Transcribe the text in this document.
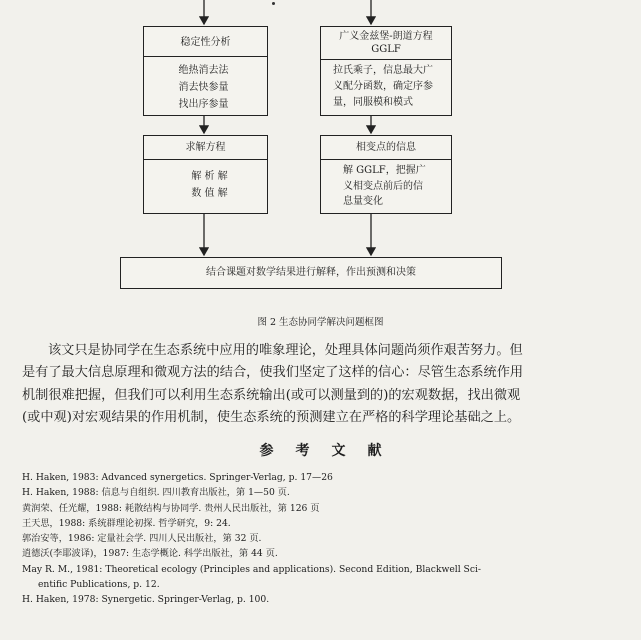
稳定性分析
绝热消去法
消去快参量
找出序参量
广义金兹堡-朗道方程
GGLF
拉氏乘子，信息最大广
义配分函数，确定序参
量，同服模和模式
求解方程
解 析 解
数 值 解
相变点的信息
解 GGLF，把握广
义相变点前后的信
息量变化
结合课题对数学结果进行解释，作出预测和决策
图 2 生态协同学解决问题框图
该文只是协同学在生态系统中应用的唯象理论，处理具体问题尚须作艰苦努力。但
是有了最大信息原理和微观方法的结合，使我们坚定了这样的信心：尽管生态系统作用
机制很难把握，但我们可以利用生态系统输出(或可以测量到的)的宏观数据，找出微观
(或中观)对宏观结果的作用机制，使生态系统的预测建立在严格的科学理论基础之上。
参考文献
H. Haken, 1983: Advanced synergetics. Springer-Verlag, p. 17—26
H. Haken, 1988: 信息与自组织. 四川教育出版社，第 1—50 页.
黄润荣、任光耀，1988: 耗散结构与协同学. 贵州人民出版社，第 126 页
王天思，1988: 系统群理论初探. 哲学研究，9: 24.
郭治安等，1986: 定量社会学. 四川人民出版社，第 32 页.
逍德沃(李耶波译)，1987: 生态学概论. 科学出版社，第 44 页.
May R. M., 1981: Theoretical ecology (Principles and applications). Second Edition, Blackwell Sci-
entific Publications, p. 12.
H. Haken, 1978: Synergetic. Springer-Verlag, p. 100.
